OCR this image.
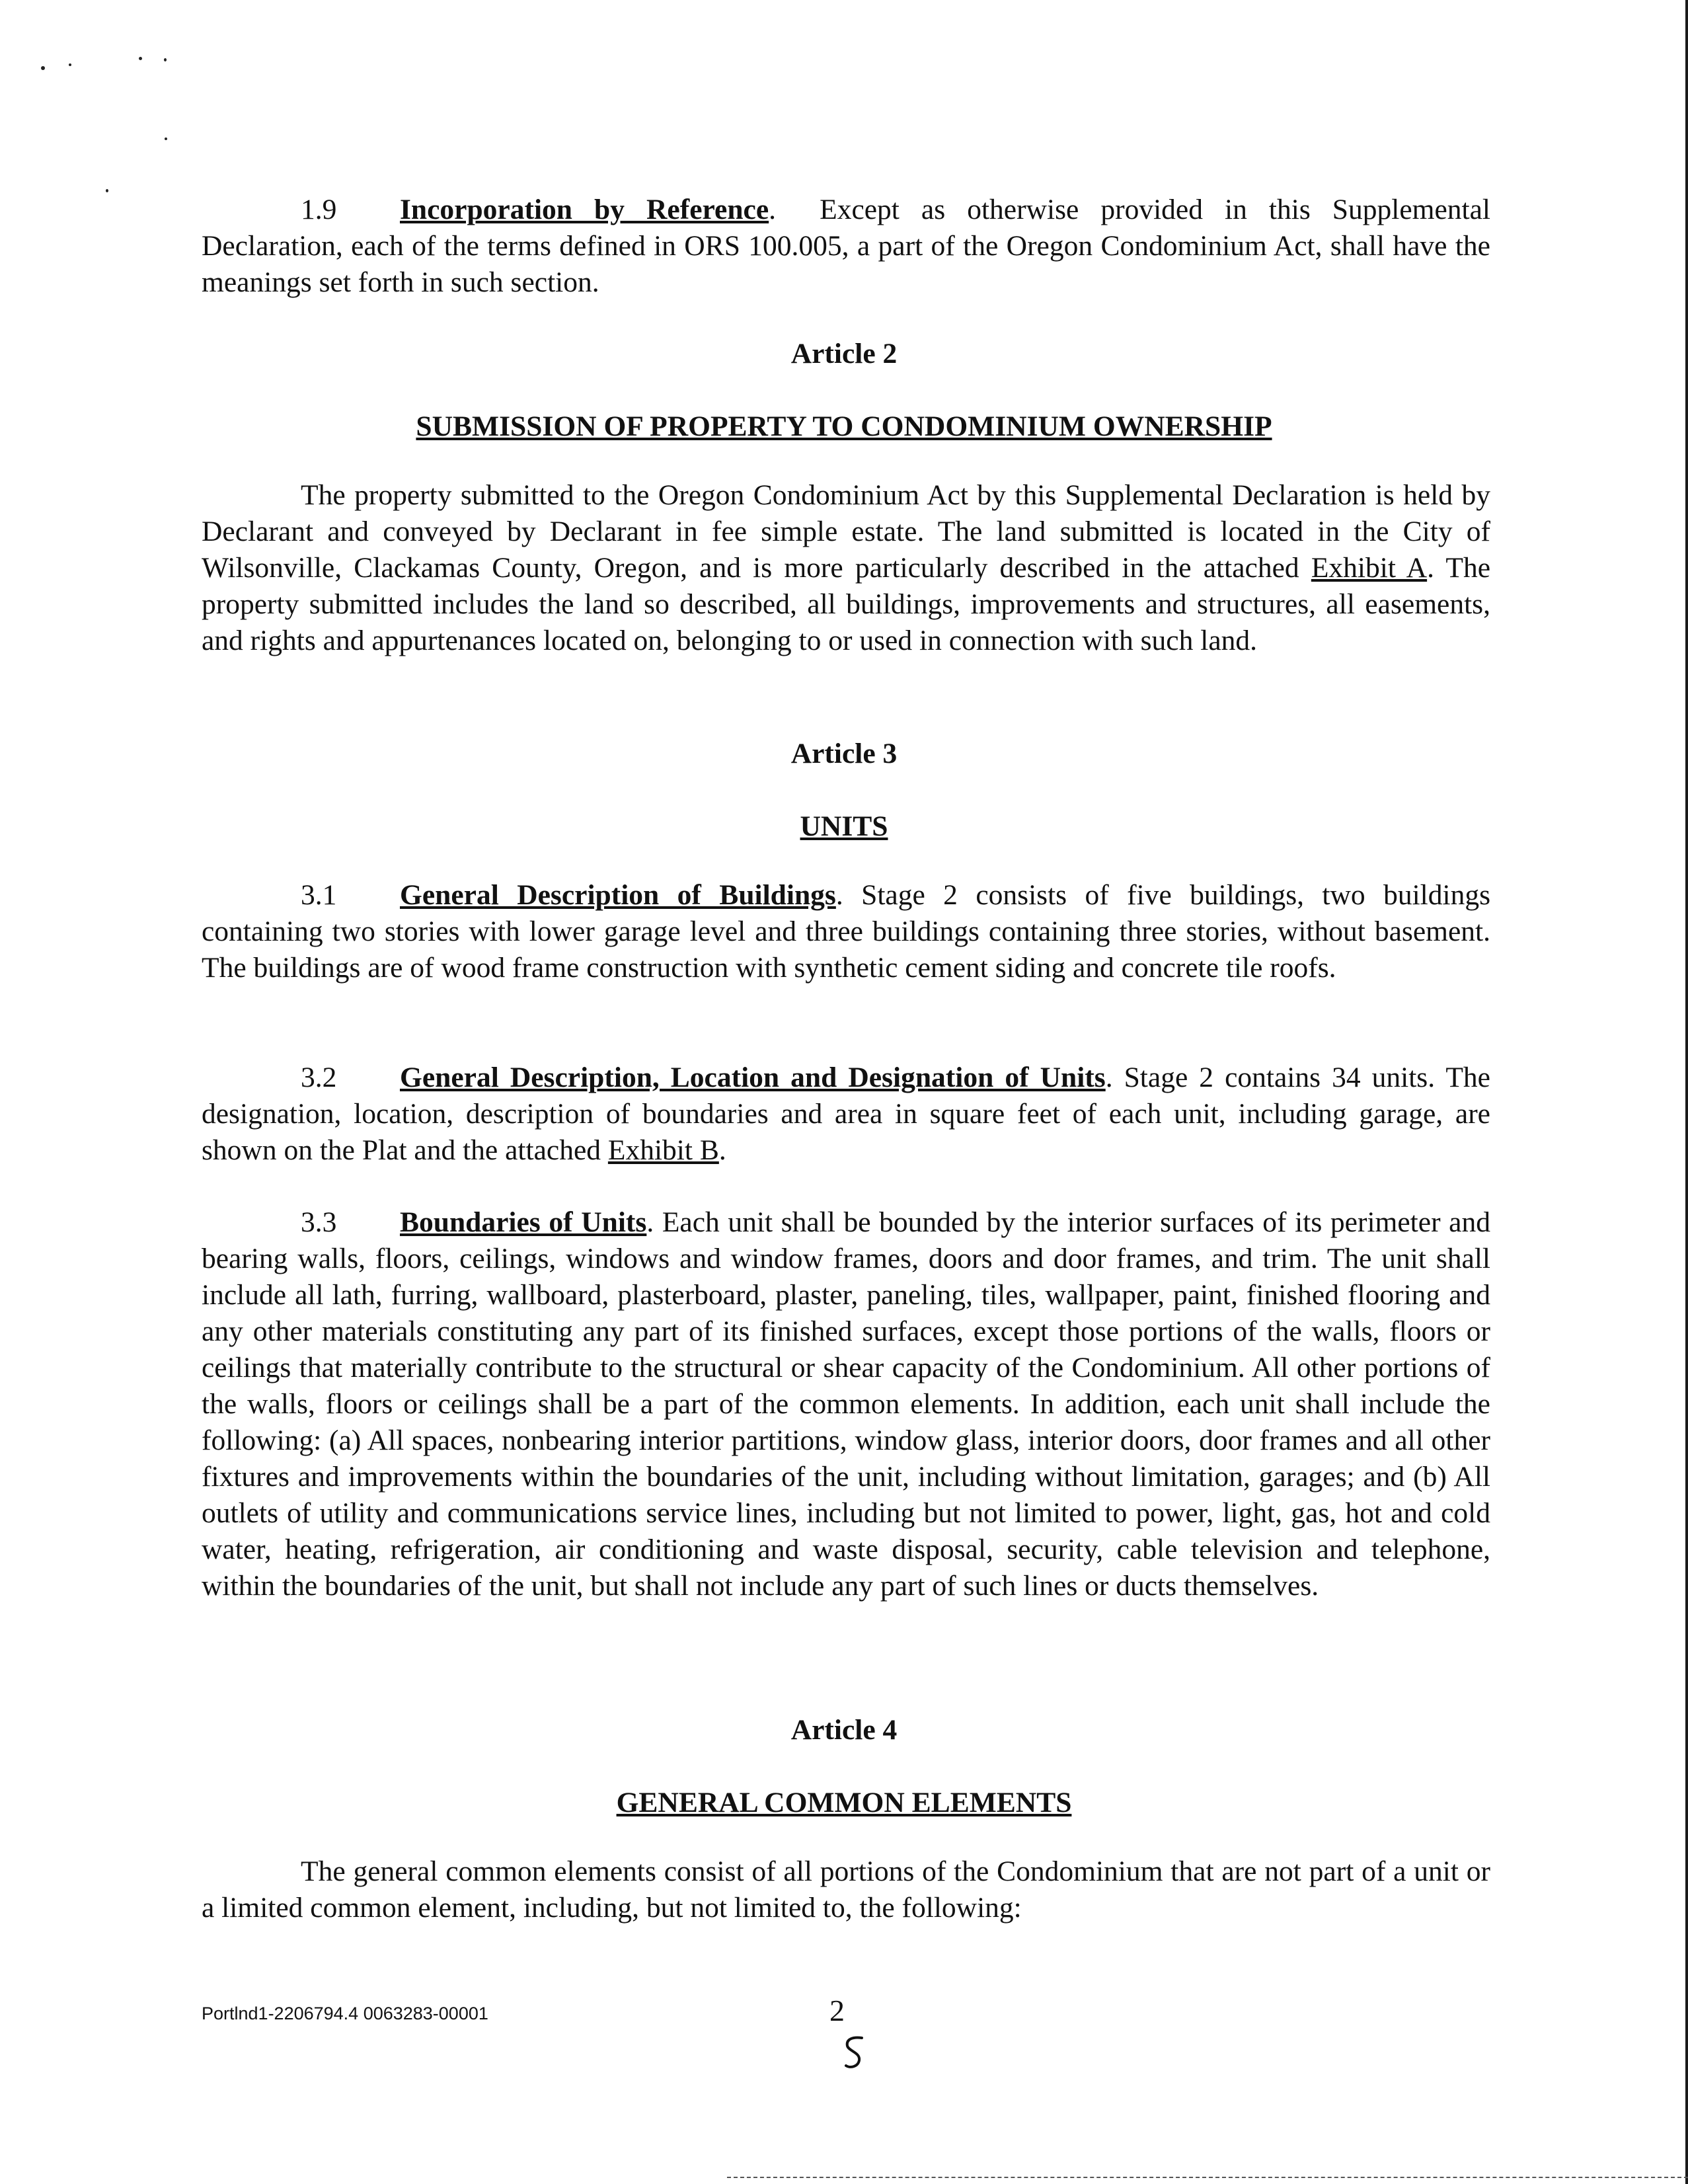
1.9 Incorporation by Reference. Except as otherwise provided in this Supplemental Declaration, each of the terms defined in ORS 100.005, a part of the Oregon Condominium Act, shall have the meanings set forth in such section.
Article 2
SUBMISSION OF PROPERTY TO CONDOMINIUM OWNERSHIP
The property submitted to the Oregon Condominium Act by this Supplemental Declaration is held by Declarant and conveyed by Declarant in fee simple estate. The land submitted is located in the City of Wilsonville, Clackamas County, Oregon, and is more particularly described in the attached Exhibit A. The property submitted includes the land so described, all buildings, improvements and structures, all easements, and rights and appurtenances located on, belonging to or used in connection with such land.
Article 3
UNITS
3.1 General Description of Buildings. Stage 2 consists of five buildings, two buildings containing two stories with lower garage level and three buildings containing three stories, without basement. The buildings are of wood frame construction with synthetic cement siding and concrete tile roofs.
3.2 General Description, Location and Designation of Units. Stage 2 contains 34 units. The designation, location, description of boundaries and area in square feet of each unit, including garage, are shown on the Plat and the attached Exhibit B.
3.3 Boundaries of Units. Each unit shall be bounded by the interior surfaces of its perimeter and bearing walls, floors, ceilings, windows and window frames, doors and door frames, and trim. The unit shall include all lath, furring, wallboard, plasterboard, plaster, paneling, tiles, wallpaper, paint, finished flooring and any other materials constituting any part of its finished surfaces, except those portions of the walls, floors or ceilings that materially contribute to the structural or shear capacity of the Condominium. All other portions of the walls, floors or ceilings shall be a part of the common elements. In addition, each unit shall include the following: (a) All spaces, nonbearing interior partitions, window glass, interior doors, door frames and all other fixtures and improvements within the boundaries of the unit, including without limitation, garages; and (b) All outlets of utility and communications service lines, including but not limited to power, light, gas, hot and cold water, heating, refrigeration, air conditioning and waste disposal, security, cable television and telephone, within the boundaries of the unit, but shall not include any part of such lines or ducts themselves.
Article 4
GENERAL COMMON ELEMENTS
The general common elements consist of all portions of the Condominium that are not part of a unit or a limited common element, including, but not limited to, the following:
Portlnd1-2206794.4 0063283-00001	2
